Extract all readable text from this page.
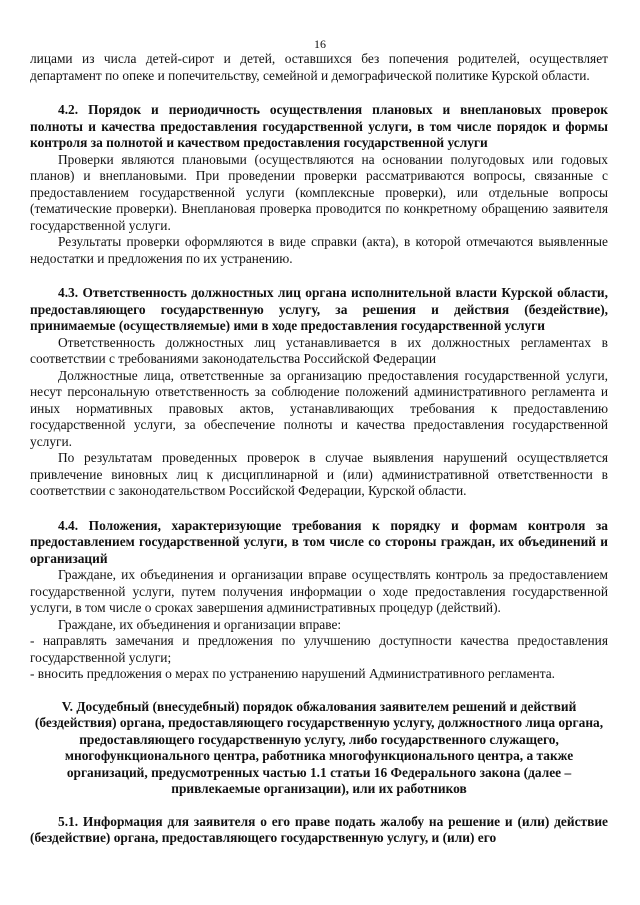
16

лицами из числа детей-сирот и детей, оставшихся без попечения родителей, осуществляет департамент по опеке и попечительству, семейной и демографической политике Курской области.

4.2. Порядок и периодичность осуществления плановых и внеплановых проверок полноты и качества предоставления государственной услуги, в том числе порядок и формы контроля за полнотой и качеством предоставления государственной услуги

Проверки являются плановыми (осуществляются на основании полугодовых или годовых планов) и внеплановыми. При проведении проверки рассматриваются вопросы, связанные с предоставлением государственной услуги (комплексные проверки), или отдельные вопросы (тематические проверки). Внеплановая проверка проводится по конкретному обращению заявителя государственной услуги.

Результаты проверки оформляются в виде справки (акта), в которой отмечаются выявленные недостатки и предложения по их устранению.

4.3. Ответственность должностных лиц органа исполнительной власти Курской области, предоставляющего государственную услугу, за решения и действия (бездействие), принимаемые (осуществляемые) ими в ходе предоставления государственной услуги

Ответственность должностных лиц устанавливается в их должностных регламентах в соответствии с требованиями законодательства Российской Федерации

Должностные лица, ответственные за организацию предоставления государственной услуги, несут персональную ответственность за соблюдение положений административного регламента и иных нормативных правовых актов, устанавливающих требования к предоставлению государственной услуги, за обеспечение полноты и качества предоставления государственной услуги.

По результатам проведенных проверок в случае выявления нарушений осуществляется привлечение виновных лиц к дисциплинарной и (или) административной ответственности в соответствии с законодательством Российской Федерации, Курской области.

4.4. Положения, характеризующие требования к порядку и формам контроля за предоставлением государственной услуги, в том числе со стороны граждан, их объединений и организаций

Граждане, их объединения и организации вправе осуществлять контроль за предоставлением государственной услуги, путем получения информации о ходе предоставления государственной услуги, в том числе о сроках завершения административных процедур (действий).

Граждане, их объединения и организации вправе:

- направлять замечания и предложения по улучшению доступности качества предоставления государственной услуги;

- вносить предложения о мерах по устранению нарушений Административного регламента.

V. Досудебный (внесудебный) порядок обжалования заявителем решений и действий (бездействия) органа, предоставляющего государственную услугу, должностного лица органа, предоставляющего государственную услугу, либо государственного служащего, многофункционального центра, работника многофункционального центра, а также организаций, предусмотренных частью 1.1 статьи 16 Федерального закона (далее – привлекаемые организации), или их работников

5.1. Информация для заявителя о его праве подать жалобу на решение и (или) действие (бездействие) органа, предоставляющего государственную услугу, и (или) его
